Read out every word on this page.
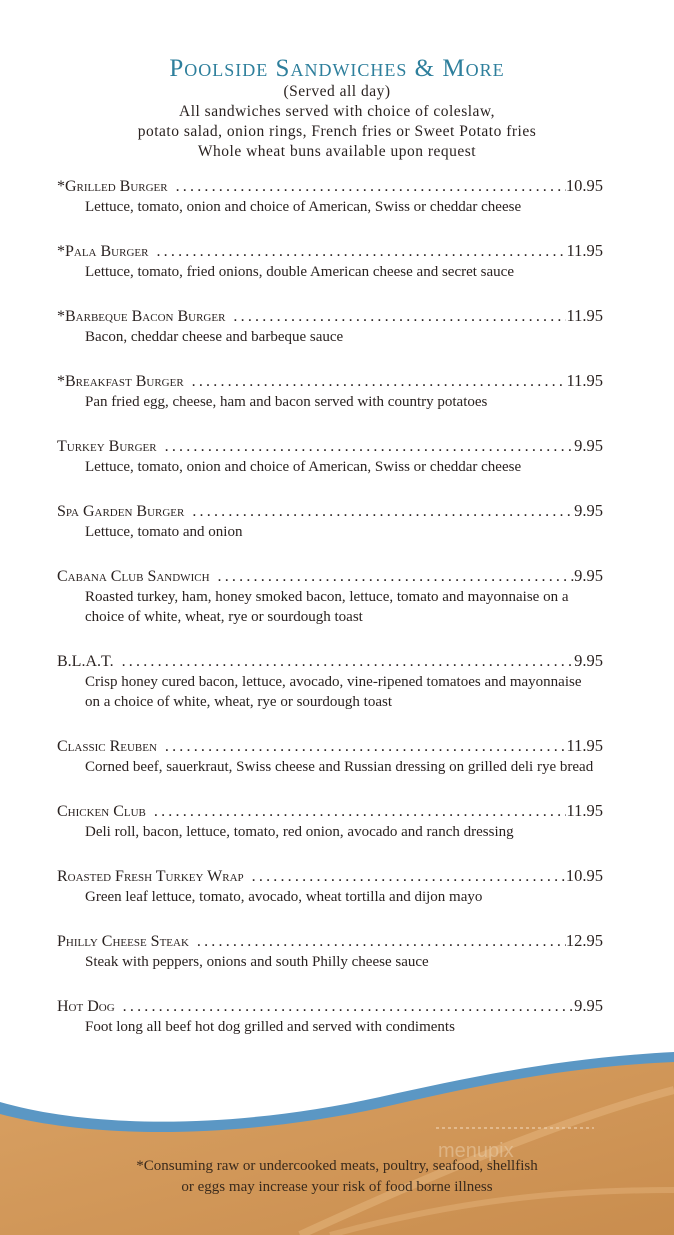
Poolside Sandwiches & More
(Served all day)
All sandwiches served with choice of coleslaw,
potato salad, onion rings, French fries or Sweet Potato fries
Whole wheat buns available upon request
*Grilled Burger .....	10.95
Lettuce, tomato, onion and choice of American, Swiss or cheddar cheese
*Pala Burger .....	11.95
Lettuce, tomato, fried onions, double American cheese and secret sauce
*Barbeque Bacon Burger .....	11.95
Bacon, cheddar cheese and barbeque sauce
*Breakfast Burger .....	11.95
Pan fried egg, cheese, ham and bacon served with country potatoes
Turkey Burger .....	9.95
Lettuce, tomato, onion and choice of American, Swiss or cheddar cheese
Spa Garden Burger .....	9.95
Lettuce, tomato and onion
Cabana Club Sandwich .....	9.95
Roasted turkey, ham, honey smoked bacon, lettuce, tomato and mayonnaise on a choice of white, wheat, rye or sourdough toast
B.L.A.T. .....	9.95
Crisp honey cured bacon, lettuce, avocado, vine-ripened tomatoes and mayonnaise on a choice of white, wheat, rye or sourdough toast
Classic Reuben .....	11.95
Corned beef, sauerkraut, Swiss cheese and Russian dressing on grilled deli rye bread
Chicken Club .....	11.95
Deli roll, bacon, lettuce, tomato, red onion, avocado and ranch dressing
Roasted Fresh Turkey Wrap .....	10.95
Green leaf lettuce, tomato, avocado, wheat tortilla and dijon mayo
Philly Cheese Steak .....	12.95
Steak with peppers, onions and south Philly cheese sauce
Hot Dog .....	9.95
Foot long all beef hot dog grilled and served with condiments
menupix
*Consuming raw or undercooked meats, poultry, seafood, shellfish
or eggs may increase your risk of food borne illness
